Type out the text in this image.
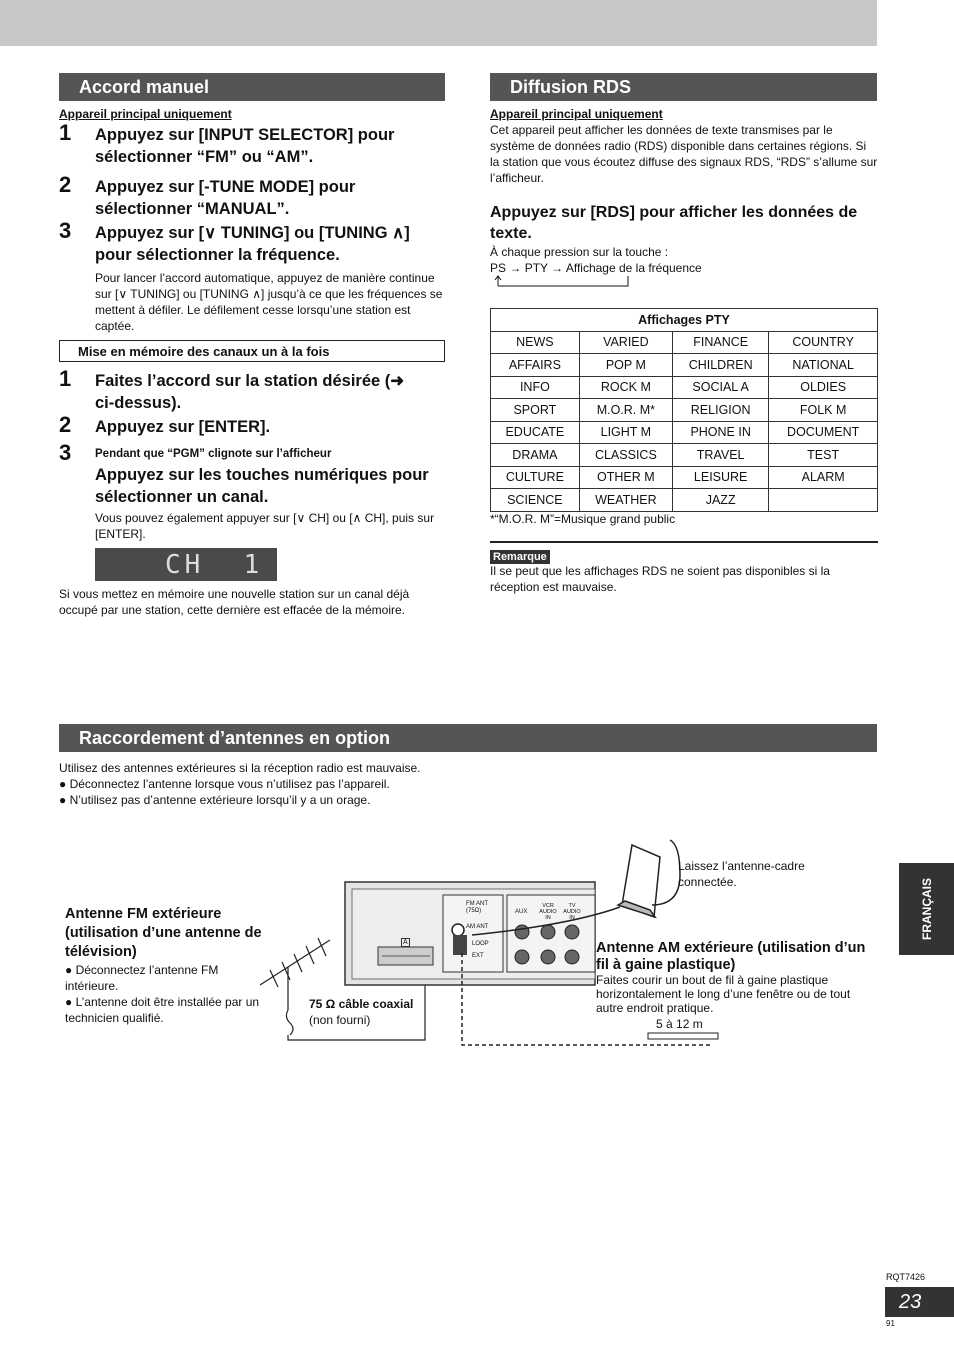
Accord manuel
Appareil principal uniquement
1 Appuyez sur [INPUT SELECTOR] pour sélectionner “FM” ou “AM”.
2 Appuyez sur [-TUNE MODE] pour sélectionner “MANUAL”.
3 Appuyez sur [∨ TUNING] ou [TUNING ∧] pour sélectionner la fréquence.
Pour lancer l’accord automatique, appuyez de manière continue sur [∨ TUNING] ou [TUNING ∧] jusqu’à ce que les fréquences se mettent à défiler. Le défilement cesse lorsqu’une station est captée.
Mise en mémoire des canaux un à la fois
1 Faites l’accord sur la station désirée (➜ ci-dessus).
2 Appuyez sur [ENTER].
3 Pendant que “PGM” clignote sur l’afficheur
Appuyez sur les touches numériques pour sélectionner un canal.
Vous pouvez également appuyer sur [∨ CH] ou [∧ CH], puis sur [ENTER].
CH  1
Si vous mettez en mémoire une nouvelle station sur un canal déjà occupé par une station, cette dernière est effacée de la mémoire.
Diffusion RDS
Appareil principal uniquement
Cet appareil peut afficher les données de texte transmises par le système de données radio (RDS) disponible dans certaines régions. Si la station que vous écoutez diffuse des signaux RDS, “RDS” s’allume sur l’afficheur.
Appuyez sur [RDS] pour afficher les données de texte.
À chaque pression sur la touche :
PS → PTY → Affichage de la fréquence
Affichages PTY			
NEWS	VARIED	FINANCE	COUNTRY
AFFAIRS	POP M	CHILDREN	NATIONAL
INFO	ROCK M	SOCIAL A	OLDIES
SPORT	M.O.R. M*	RELIGION	FOLK M
EDUCATE	LIGHT M	PHONE IN	DOCUMENT
DRAMA	CLASSICS	TRAVEL	TEST
CULTURE	OTHER M	LEISURE	ALARM
SCIENCE	WEATHER	JAZZ	
*“M.O.R. M”=Musique grand public
Remarque
Il se peut que les affichages RDS ne soient pas disponibles si la réception est mauvaise.
Raccordement d’antennes en option
Utilisez des antennes extérieures si la réception radio est mauvaise.
● Déconnectez l’antenne lorsque vous n’utilisez pas l’appareil.
● N’utilisez pas d’antenne extérieure lorsqu’il y a un orage.
Antenne FM extérieure (utilisation d’une antenne de télévision)
● Déconnectez l’antenne FM intérieure.
● L’antenne doit être installée par un technicien qualifié.
FM ANT
(75Ω)
AM ANT
LOOP
EXT
AUX
VCR AUDIO IN
TV AUDIO IN
A
75 Ω câble coaxial
(non fourni)
Laissez l’antenne-cadre connectée.
Antenne AM extérieure (utilisation d’un fil à gaine plastique)
Faites courir un bout de fil à gaine plastique horizontalement le long d’une fenêtre ou de tout autre endroit pratique.
5 à 12 m
FRANÇAIS
RQT7426
23
91
